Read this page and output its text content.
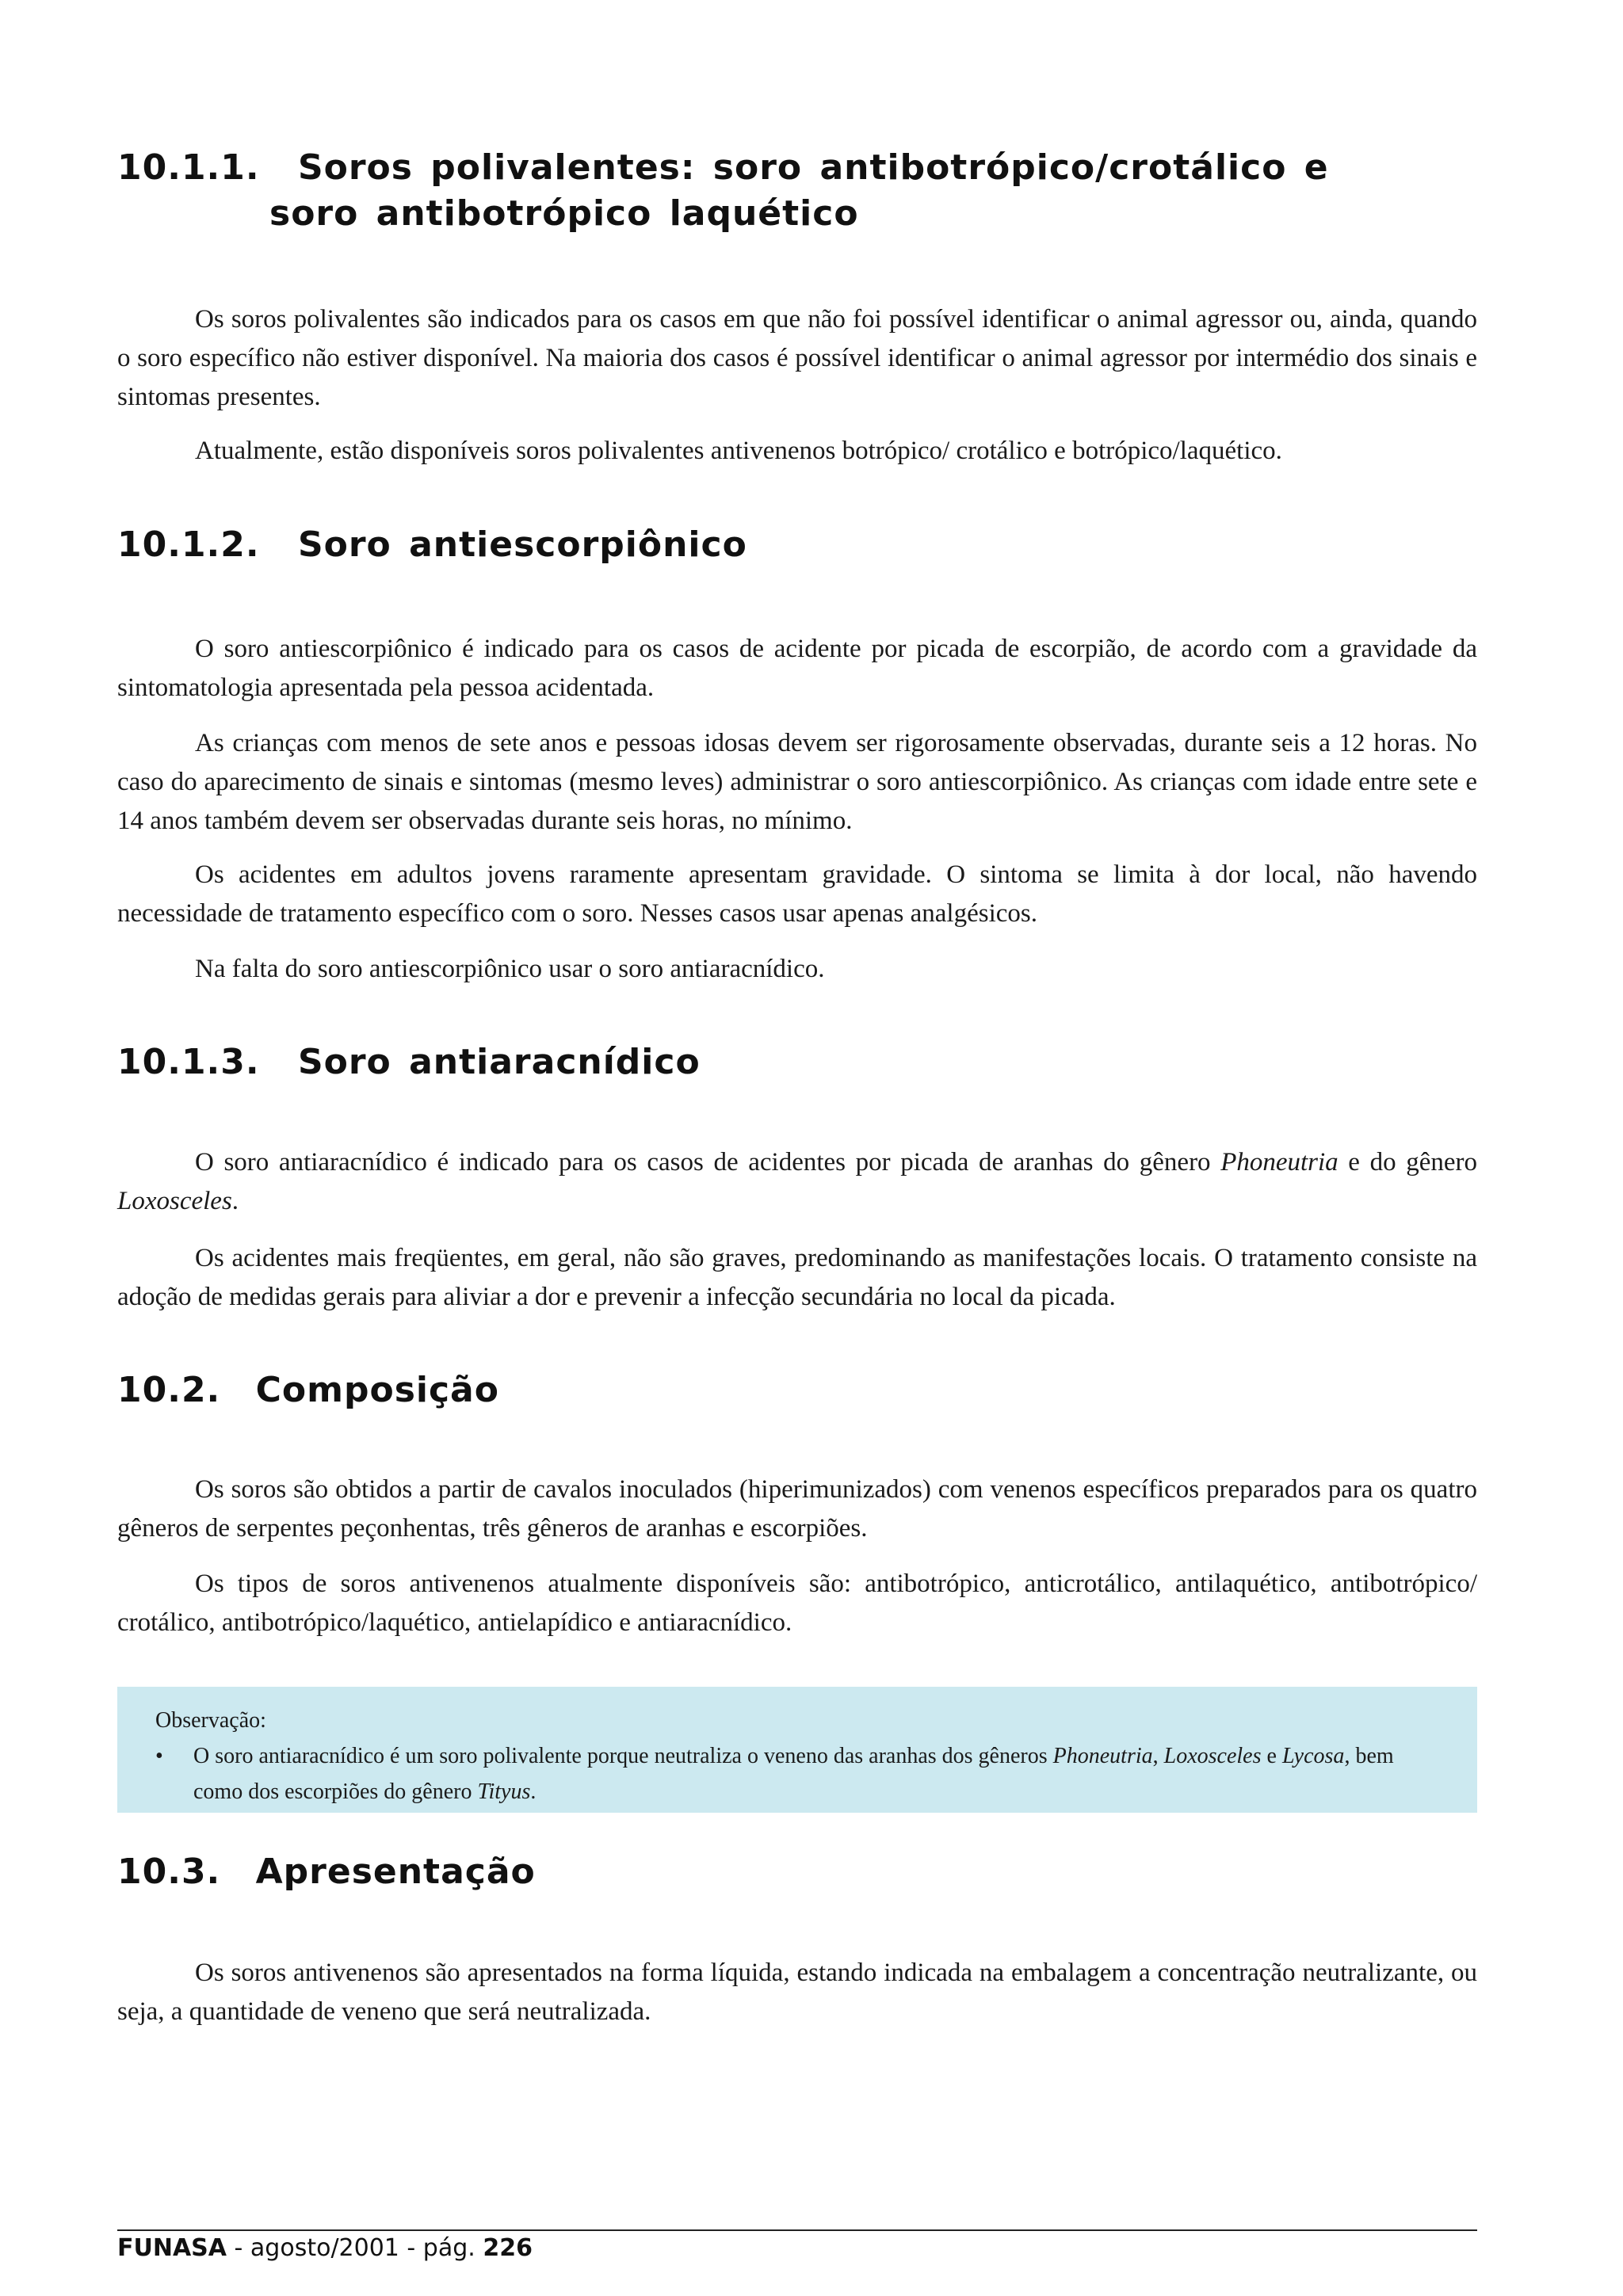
10.1.1. Soros polivalentes: soro antibotrópico/crotálico e
soro antibotrópico laquético

Os soros polivalentes são indicados para os casos em que não foi possível identificar o animal agressor ou, ainda, quando o soro específico não estiver disponível. Na maioria dos casos é possível identificar o animal agressor por intermédio dos sinais e sintomas presentes.

Atualmente, estão disponíveis soros polivalentes antivenenos botrópico/ crotálico e botrópico/laquético.

10.1.2. Soro antiescorpiônico

O soro antiescorpiônico é indicado para os casos de acidente por picada de escorpião, de acordo com a gravidade da sintomatologia apresentada pela pessoa acidentada.

As crianças com menos de sete anos e pessoas idosas devem ser rigorosamente observadas, durante seis a 12 horas. No caso do aparecimento de sinais e sintomas (mesmo leves) administrar o soro antiescorpiônico. As crianças com idade entre sete e 14 anos também devem ser observadas durante seis horas, no mínimo.

Os acidentes em adultos jovens raramente apresentam gravidade. O sintoma se limita à dor local, não havendo necessidade de tratamento específico com o soro. Nesses casos usar apenas analgésicos.

Na falta do soro antiescorpiônico usar o soro antiaracnídico.

10.1.3. Soro antiaracnídico

O soro antiaracnídico é indicado para os casos de acidentes por picada de aranhas do gênero Phoneutria e do gênero Loxosceles.

Os acidentes mais freqüentes, em geral, não são graves, predominando as manifestações locais. O tratamento consiste na adoção de medidas gerais para aliviar a dor e prevenir a infecção secundária no local da picada.

10.2. Composição

Os soros são obtidos a partir de cavalos inoculados (hiperimunizados) com venenos específicos preparados para os quatro gêneros de serpentes peçonhentas, três gêneros de aranhas e escorpiões.

Os tipos de soros antivenenos atualmente disponíveis são: antibotrópico, anticrotálico, antilaquético, antibotrópico/ crotálico, antibotrópico/laquético, antielapídico e antiaracnídico.

Observação:
• O soro antiaracnídico é um soro polivalente porque neutraliza o veneno das aranhas dos gêneros Phoneutria, Loxosceles e Lycosa, bem como dos escorpiões do gênero Tityus.
10.3. Apresentação

Os soros antivenenos são apresentados na forma líquida, estando indicada na embalagem a concentração neutralizante, ou seja, a quantidade de veneno que será neutralizada.

FUNASA - agosto/2001 - pág. 226
